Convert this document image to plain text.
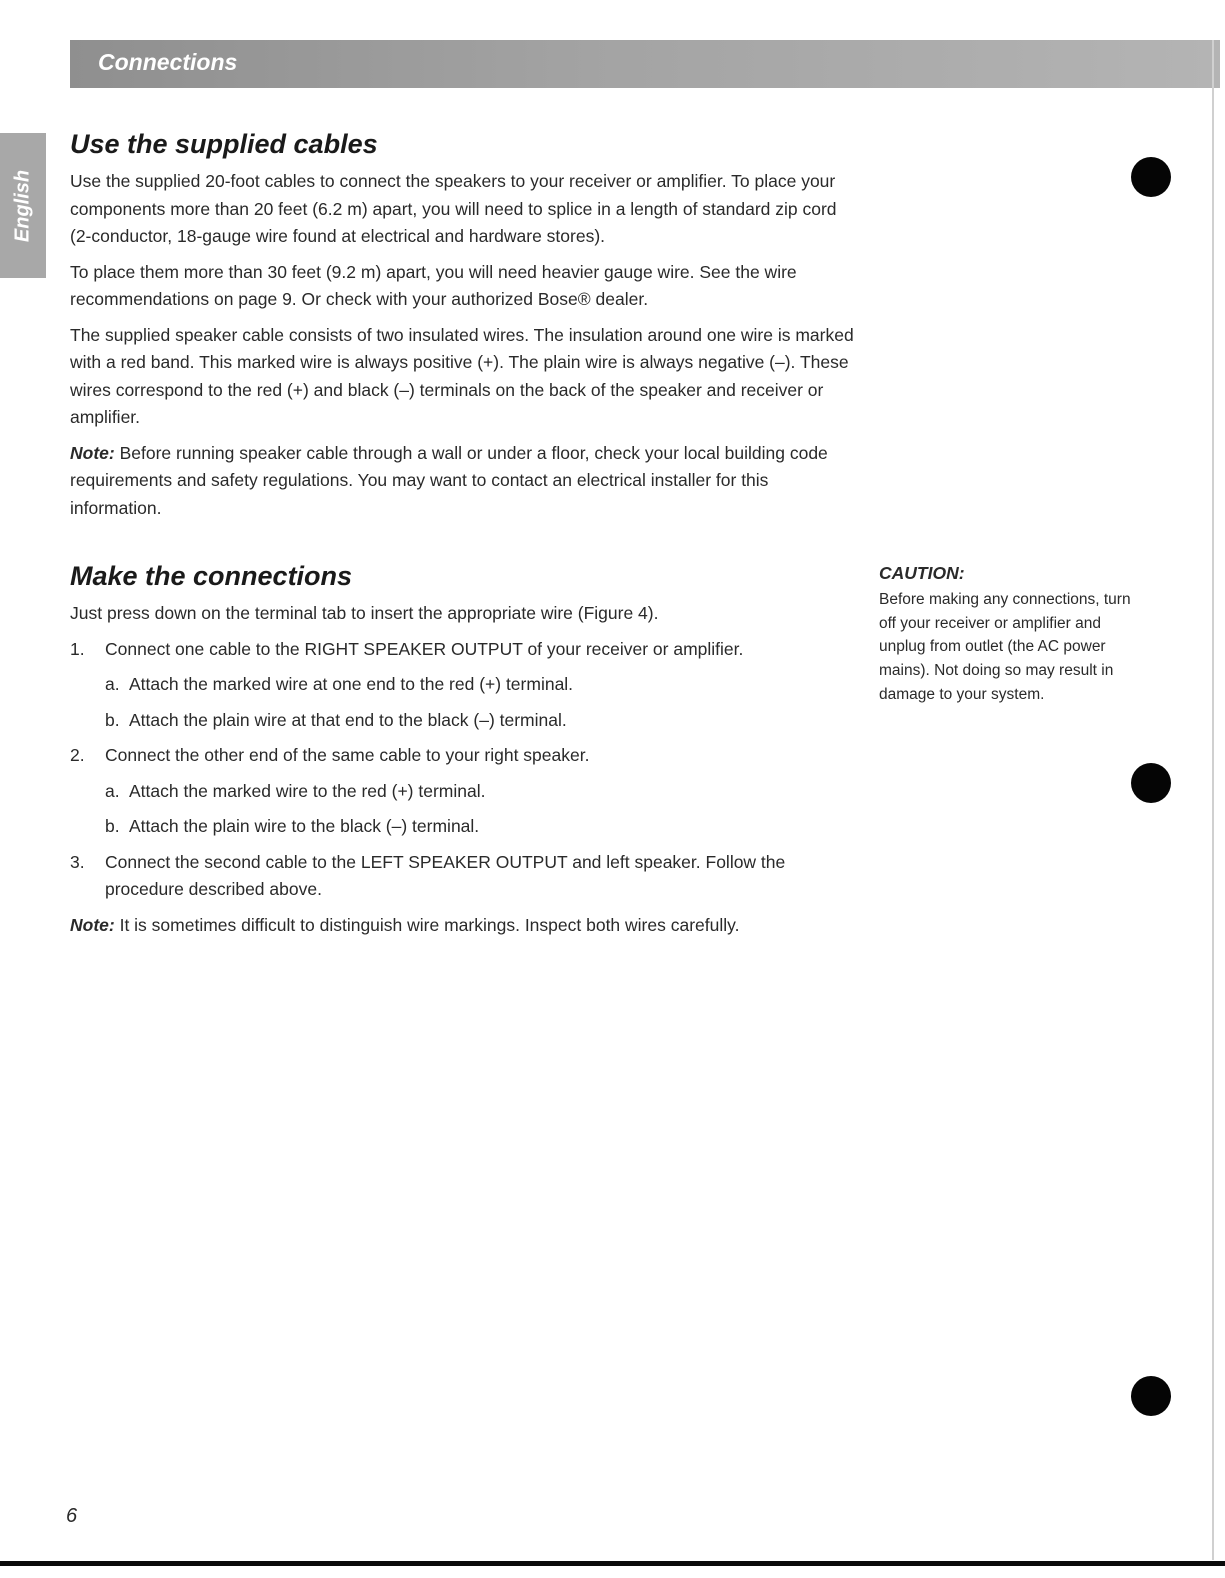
Connections
English
Use the supplied cables

Use the supplied 20-foot cables to connect the speakers to your receiver or amplifier. To place your components more than 20 feet (6.2 m) apart, you will need to splice in a length of standard zip cord (2-conductor, 18-gauge wire found at electrical and hardware stores).

To place them more than 30 feet (9.2 m) apart, you will need heavier gauge wire. See the wire recommendations on page 9. Or check with your authorized Bose® dealer.

The supplied speaker cable consists of two insulated wires. The insulation around one wire is marked with a red band. This marked wire is always positive (+). The plain wire is always negative (–). These wires correspond to the red (+) and black (–) terminals on the back of the speaker and receiver or amplifier.

Note: Before running speaker cable through a wall or under a floor, check your local building code requirements and safety regulations. You may want to contact an electrical installer for this information.

Make the connections

Just press down on the terminal tab to insert the appropriate wire (Figure 4).

1. Connect one cable to the RIGHT SPEAKER OUTPUT of your receiver or amplifier.
a. Attach the marked wire at one end to the red (+) terminal.
b. Attach the plain wire at that end to the black (–) terminal.
2. Connect the other end of the same cable to your right speaker.
a. Attach the marked wire to the red (+) terminal.
b. Attach the plain wire to the black (–) terminal.
3. Connect the second cable to the LEFT SPEAKER OUTPUT and left speaker. Follow the procedure described above.

Note: It is sometimes difficult to distinguish wire markings. Inspect both wires carefully.

CAUTION:
Before making any connections, turn off your receiver or amplifier and unplug from outlet (the AC power mains). Not doing so may result in damage to your system.
6
